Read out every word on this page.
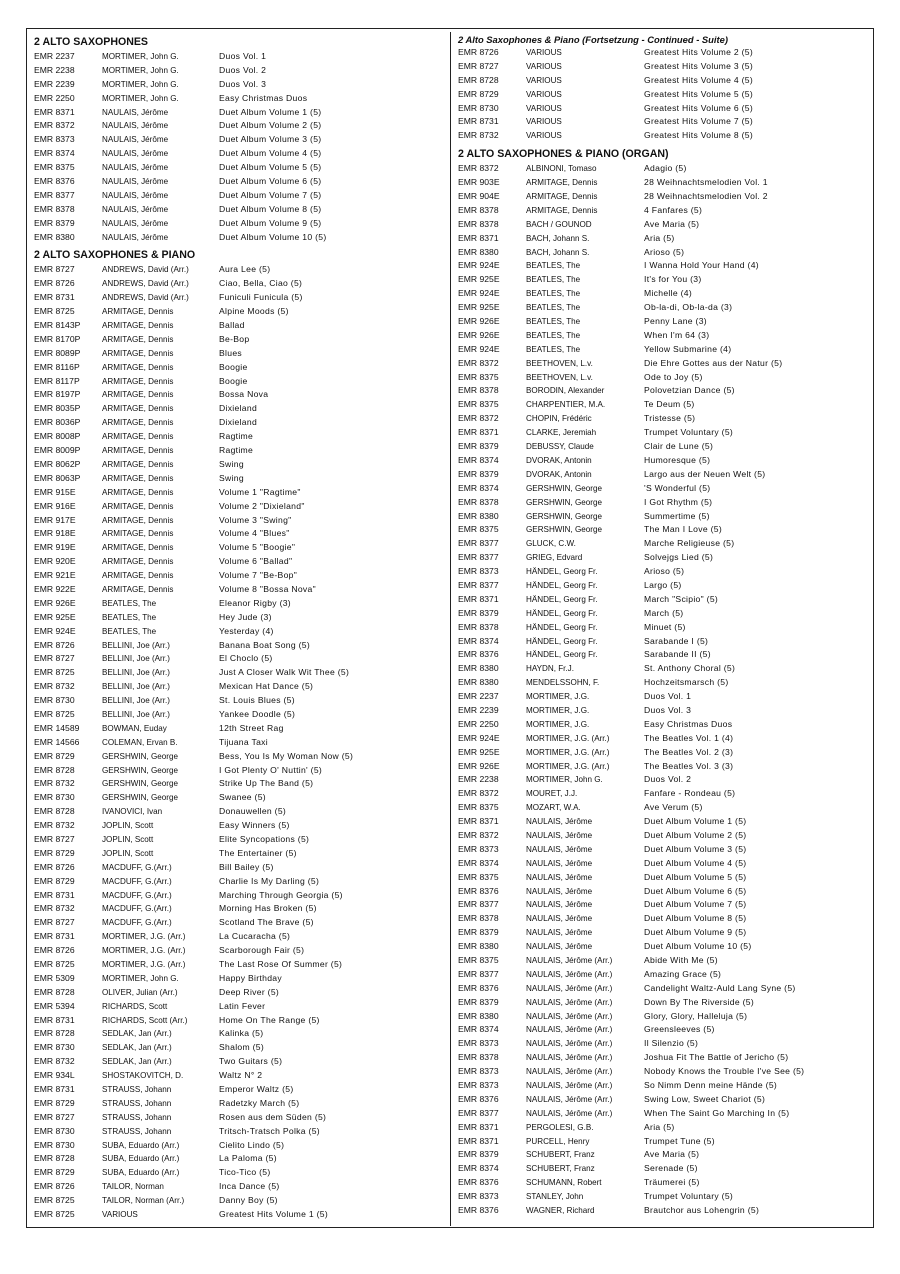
2 ALTO SAXOPHONES
EMR 2237	MORTIMER, John G.	Duos Vol. 1
EMR 2238	MORTIMER, John G.	Duos Vol. 2
EMR 2239	MORTIMER, John G.	Duos Vol. 3
EMR 2250	MORTIMER, John G.	Easy Christmas Duos
EMR 8371	NAULAIS, Jérôme	Duet Album Volume 1 (5)
EMR 8372	NAULAIS, Jérôme	Duet Album Volume 2 (5)
EMR 8373	NAULAIS, Jérôme	Duet Album Volume 3 (5)
EMR 8374	NAULAIS, Jérôme	Duet Album Volume 4 (5)
EMR 8375	NAULAIS, Jérôme	Duet Album Volume 5 (5)
EMR 8376	NAULAIS, Jérôme	Duet Album Volume 6 (5)
EMR 8377	NAULAIS, Jérôme	Duet Album Volume 7 (5)
EMR 8378	NAULAIS, Jérôme	Duet Album Volume 8 (5)
EMR 8379	NAULAIS, Jérôme	Duet Album Volume 9 (5)
EMR 8380	NAULAIS, Jérôme	Duet Album Volume 10 (5)
2 ALTO SAXOPHONES & PIANO
EMR 8727	ANDREWS, David (Arr.)	Aura Lee (5)
EMR 8726	ANDREWS, David (Arr.)	Ciao, Bella, Ciao (5)
EMR 8731	ANDREWS, David (Arr.)	Funiculi Funicula (5)
EMR 8725	ARMITAGE, Dennis	Alpine Moods (5)
EMR 8143P	ARMITAGE, Dennis	Ballad
EMR 8170P	ARMITAGE, Dennis	Be-Bop
EMR 8089P	ARMITAGE, Dennis	Blues
EMR 8116P	ARMITAGE, Dennis	Boogie
EMR 8117P	ARMITAGE, Dennis	Boogie
EMR 8197P	ARMITAGE, Dennis	Bossa Nova
EMR 8035P	ARMITAGE, Dennis	Dixieland
EMR 8036P	ARMITAGE, Dennis	Dixieland
EMR 8008P	ARMITAGE, Dennis	Ragtime
EMR 8009P	ARMITAGE, Dennis	Ragtime
EMR 8062P	ARMITAGE, Dennis	Swing
EMR 8063P	ARMITAGE, Dennis	Swing
EMR 915E	ARMITAGE, Dennis	Volume 1 "Ragtime"
EMR 916E	ARMITAGE, Dennis	Volume 2 "Dixieland"
EMR 917E	ARMITAGE, Dennis	Volume 3 "Swing"
EMR 918E	ARMITAGE, Dennis	Volume 4 "Blues"
EMR 919E	ARMITAGE, Dennis	Volume 5 "Boogie"
EMR 920E	ARMITAGE, Dennis	Volume 6 "Ballad"
EMR 921E	ARMITAGE, Dennis	Volume 7 "Be-Bop"
EMR 922E	ARMITAGE, Dennis	Volume 8 "Bossa Nova"
EMR 926E	BEATLES, The	Eleanor Rigby (3)
EMR 925E	BEATLES, The	Hey Jude (3)
EMR 924E	BEATLES, The	Yesterday (4)
EMR 8726	BELLINI, Joe (Arr.)	Banana Boat Song (5)
EMR 8727	BELLINI, Joe (Arr.)	El Choclo (5)
EMR 8725	BELLINI, Joe (Arr.)	Just A Closer Walk Wit Thee (5)
EMR 8732	BELLINI, Joe (Arr.)	Mexican Hat Dance (5)
EMR 8730	BELLINI, Joe (Arr.)	St. Louis Blues (5)
EMR 8725	BELLINI, Joe (Arr.)	Yankee Doodle (5)
EMR 14589	BOWMAN, Euday	12th Street Rag
EMR 14566	COLEMAN, Ervan B.	Tijuana Taxi
EMR 8729	GERSHWIN, George	Bess, You Is My Woman Now (5)
EMR 8728	GERSHWIN, George	I Got Plenty O' Nuttin' (5)
EMR 8732	GERSHWIN, George	Strike Up The Band (5)
EMR 8730	GERSHWIN, George	Swanee (5)
EMR 8728	IVANOVICI, Ivan	Donauwellen (5)
EMR 8732	JOPLIN, Scott	Easy Winners (5)
EMR 8727	JOPLIN, Scott	Elite Syncopations (5)
EMR 8729	JOPLIN, Scott	The Entertainer (5)
EMR 8726	MACDUFF, G.(Arr.)	Bill Bailey (5)
EMR 8729	MACDUFF, G.(Arr.)	Charlie Is My Darling (5)
EMR 8731	MACDUFF, G.(Arr.)	Marching Through Georgia (5)
EMR 8732	MACDUFF, G.(Arr.)	Morning Has Broken (5)
EMR 8727	MACDUFF, G.(Arr.)	Scotland The Brave (5)
EMR 8731	MORTIMER, J.G. (Arr.)	La Cucaracha (5)
EMR 8726	MORTIMER, J.G. (Arr.)	Scarborough Fair (5)
EMR 8725	MORTIMER, J.G. (Arr.)	The Last Rose Of Summer (5)
EMR 5309	MORTIMER, John G.	Happy Birthday
EMR 8728	OLIVER, Julian (Arr.)	Deep River (5)
EMR 5394	RICHARDS, Scott	Latin Fever
EMR 8731	RICHARDS, Scott (Arr.)	Home On The Range (5)
EMR 8728	SEDLAK, Jan (Arr.)	Kalinka (5)
EMR 8730	SEDLAK, Jan (Arr.)	Shalom (5)
EMR 8732	SEDLAK, Jan (Arr.)	Two Guitars (5)
EMR 934L	SHOSTAKOVITCH, D.	Waltz N° 2
EMR 8731	STRAUSS, Johann	Emperor Waltz (5)
EMR 8729	STRAUSS, Johann	Radetzky March (5)
EMR 8727	STRAUSS, Johann	Rosen aus dem Süden (5)
EMR 8730	STRAUSS, Johann	Tritsch-Tratsch Polka (5)
EMR 8730	SUBA, Eduardo (Arr.)	Cielito Lindo (5)
EMR 8728	SUBA, Eduardo (Arr.)	La Paloma (5)
EMR 8729	SUBA, Eduardo (Arr.)	Tico-Tico (5)
EMR 8726	TAILOR, Norman	Inca Dance (5)
EMR 8725	TAILOR, Norman (Arr.)	Danny Boy (5)
EMR 8725	VARIOUS	Greatest Hits Volume 1 (5)
2 Alto Saxophones & Piano (Fortsetzung - Continued - Suite)
EMR 8726	VARIOUS	Greatest Hits Volume 2 (5)
EMR 8727	VARIOUS	Greatest Hits Volume 3 (5)
EMR 8728	VARIOUS	Greatest Hits Volume 4 (5)
EMR 8729	VARIOUS	Greatest Hits Volume 5 (5)
EMR 8730	VARIOUS	Greatest Hits Volume 6 (5)
EMR 8731	VARIOUS	Greatest Hits Volume 7 (5)
EMR 8732	VARIOUS	Greatest Hits Volume 8 (5)
2 ALTO SAXOPHONES & PIANO (ORGAN)
EMR 8372	ALBINONI, Tomaso	Adagio (5)
EMR 903E	ARMITAGE, Dennis	28 Weihnachtsmelodien Vol. 1
EMR 904E	ARMITAGE, Dennis	28 Weihnachtsmelodien Vol. 2
EMR 8378	ARMITAGE, Dennis	4 Fanfares (5)
EMR 8378	BACH / GOUNOD	Ave Maria (5)
EMR 8371	BACH, Johann S.	Aria (5)
EMR 8380	BACH, Johann S.	Arioso (5)
EMR 924E	BEATLES, The	I Wanna Hold Your Hand (4)
EMR 925E	BEATLES, The	It's for You (3)
EMR 924E	BEATLES, The	Michelle (4)
EMR 925E	BEATLES, The	Ob-la-di, Ob-la-da (3)
EMR 926E	BEATLES, The	Penny Lane (3)
EMR 926E	BEATLES, The	When I'm 64 (3)
EMR 924E	BEATLES, The	Yellow Submarine (4)
EMR 8372	BEETHOVEN, L.v.	Die Ehre Gottes aus der Natur (5)
EMR 8375	BEETHOVEN, L.v.	Ode to Joy (5)
EMR 8378	BORODIN, Alexander	Polovetzian Dance (5)
EMR 8375	CHARPENTIER, M.A.	Te Deum (5)
EMR 8372	CHOPIN, Frédéric	Tristesse (5)
EMR 8371	CLARKE, Jeremiah	Trumpet Voluntary (5)
EMR 8379	DEBUSSY, Claude	Clair de Lune (5)
EMR 8374	DVORAK, Antonin	Humoresque (5)
EMR 8379	DVORAK, Antonin	Largo aus der Neuen Welt (5)
EMR 8374	GERSHWIN, George	'S Wonderful (5)
EMR 8378	GERSHWIN, George	I Got Rhythm (5)
EMR 8380	GERSHWIN, George	Summertime (5)
EMR 8375	GERSHWIN, George	The Man I Love (5)
EMR 8377	GLUCK, C.W.	Marche Religieuse (5)
EMR 8377	GRIEG, Edvard	Solvejgs Lied (5)
EMR 8373	HÄNDEL, Georg Fr.	Arioso (5)
EMR 8377	HÄNDEL, Georg Fr.	Largo (5)
EMR 8371	HÄNDEL, Georg Fr.	March "Scipio" (5)
EMR 8379	HÄNDEL, Georg Fr.	March (5)
EMR 8378	HÄNDEL, Georg Fr.	Minuet (5)
EMR 8374	HÄNDEL, Georg Fr.	Sarabande I (5)
EMR 8376	HÄNDEL, Georg Fr.	Sarabande II (5)
EMR 8380	HAYDN, Fr.J.	St. Anthony Choral (5)
EMR 8380	MENDELSSOHN, F.	Hochzeitsmarsch (5)
EMR 2237	MORTIMER, J.G.	Duos Vol. 1
EMR 2239	MORTIMER, J.G.	Duos Vol. 3
EMR 2250	MORTIMER, J.G.	Easy Christmas Duos
EMR 924E	MORTIMER, J.G. (Arr.)	The Beatles Vol. 1 (4)
EMR 925E	MORTIMER, J.G. (Arr.)	The Beatles Vol. 2 (3)
EMR 926E	MORTIMER, J.G. (Arr.)	The Beatles Vol. 3 (3)
EMR 2238	MORTIMER, John G.	Duos Vol. 2
EMR 8372	MOURET, J.J.	Fanfare - Rondeau (5)
EMR 8375	MOZART, W.A.	Ave Verum (5)
EMR 8371	NAULAIS, Jérôme	Duet Album Volume 1 (5)
EMR 8372	NAULAIS, Jérôme	Duet Album Volume 2 (5)
EMR 8373	NAULAIS, Jérôme	Duet Album Volume 3 (5)
EMR 8374	NAULAIS, Jérôme	Duet Album Volume 4 (5)
EMR 8375	NAULAIS, Jérôme	Duet Album Volume 5 (5)
EMR 8376	NAULAIS, Jérôme	Duet Album Volume 6 (5)
EMR 8377	NAULAIS, Jérôme	Duet Album Volume 7 (5)
EMR 8378	NAULAIS, Jérôme	Duet Album Volume 8 (5)
EMR 8379	NAULAIS, Jérôme	Duet Album Volume 9 (5)
EMR 8380	NAULAIS, Jérôme	Duet Album Volume 10 (5)
EMR 8375	NAULAIS, Jérôme (Arr.)	Abide With Me (5)
EMR 8377	NAULAIS, Jérôme (Arr.)	Amazing Grace (5)
EMR 8376	NAULAIS, Jérôme (Arr.)	Candelight Waltz-Auld Lang Syne (5)
EMR 8379	NAULAIS, Jérôme (Arr.)	Down By The Riverside (5)
EMR 8380	NAULAIS, Jérôme (Arr.)	Glory, Glory, Halleluja (5)
EMR 8374	NAULAIS, Jérôme (Arr.)	Greensleeves (5)
EMR 8373	NAULAIS, Jérôme (Arr.)	Il Silenzio (5)
EMR 8378	NAULAIS, Jérôme (Arr.)	Joshua Fit The Battle of Jericho (5)
EMR 8373	NAULAIS, Jérôme (Arr.)	Nobody Knows the Trouble I've See (5)
EMR 8373	NAULAIS, Jérôme (Arr.)	So Nimm Denn meine Hände (5)
EMR 8376	NAULAIS, Jérôme (Arr.)	Swing Low, Sweet Chariot (5)
EMR 8377	NAULAIS, Jérôme (Arr.)	When The Saint Go Marching In (5)
EMR 8371	PERGOLESI, G.B.	Aria (5)
EMR 8371	PURCELL, Henry	Trumpet Tune (5)
EMR 8379	SCHUBERT, Franz	Ave Maria (5)
EMR 8374	SCHUBERT, Franz	Serenade (5)
EMR 8376	SCHUMANN, Robert	Träumerei (5)
EMR 8373	STANLEY, John	Trumpet Voluntary (5)
EMR 8376	WAGNER, Richard	Brautchor aus Lohengrin (5)
